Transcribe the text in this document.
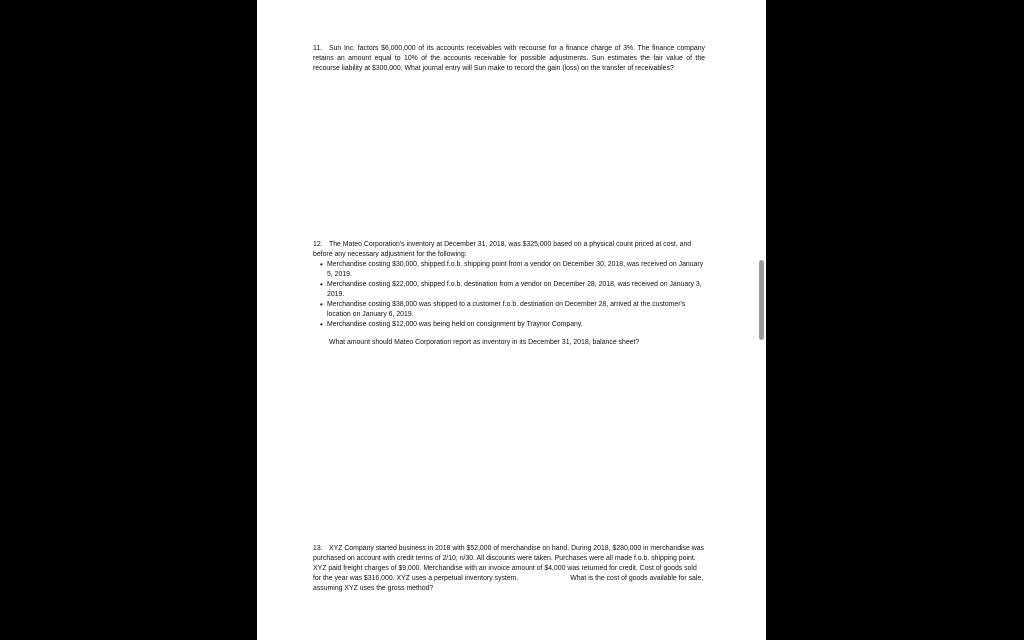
11. Sun Inc. factors $6,000,000 of its accounts receivables with recourse for a finance charge of 3%. The finance company retains an amount equal to 10% of the accounts receivable for possible adjustments. Sun estimates the fair value of the recourse liability at $300,000. What journal entry will Sun make to record the gain (loss) on the transfer of receivables?

12. The Mateo Corporation's inventory at December 31, 2018, was $325,000 based on a physical count priced at cost, and before any necessary adjustment for the following:

• Merchandise costing $30,000, shipped f.o.b. shipping point from a vendor on December 30, 2018, was received on January 5, 2019.
• Merchandise costing $22,000, shipped f.o.b. destination from a vendor on December 28, 2018, was received on January 3, 2019.
• Merchandise costing $38,000 was shipped to a customer f.o.b. destination on December 28, arrived at the customer's location on January 6, 2019.
• Merchandise costing $12,000 was being held on consignment by Traynor Company.

What amount should Mateo Corporation report as inventory in its December 31, 2018, balance sheet?

13. XYZ Company started business in 2018 with $52,000 of merchandise on hand. During 2018, $280,000 in merchandise was purchased on account with credit terms of 2/10, n/30. All discounts were taken. Purchases were all made f.o.b. shipping point. XYZ paid freight charges of $9,000. Merchandise with an invoice amount of $4,000 was returned for credit. Cost of goods sold for the year was $316,000. XYZ uses a perpetual inventory system.	What is the cost of goods available for sale, assuming XYZ uses the gross method?
